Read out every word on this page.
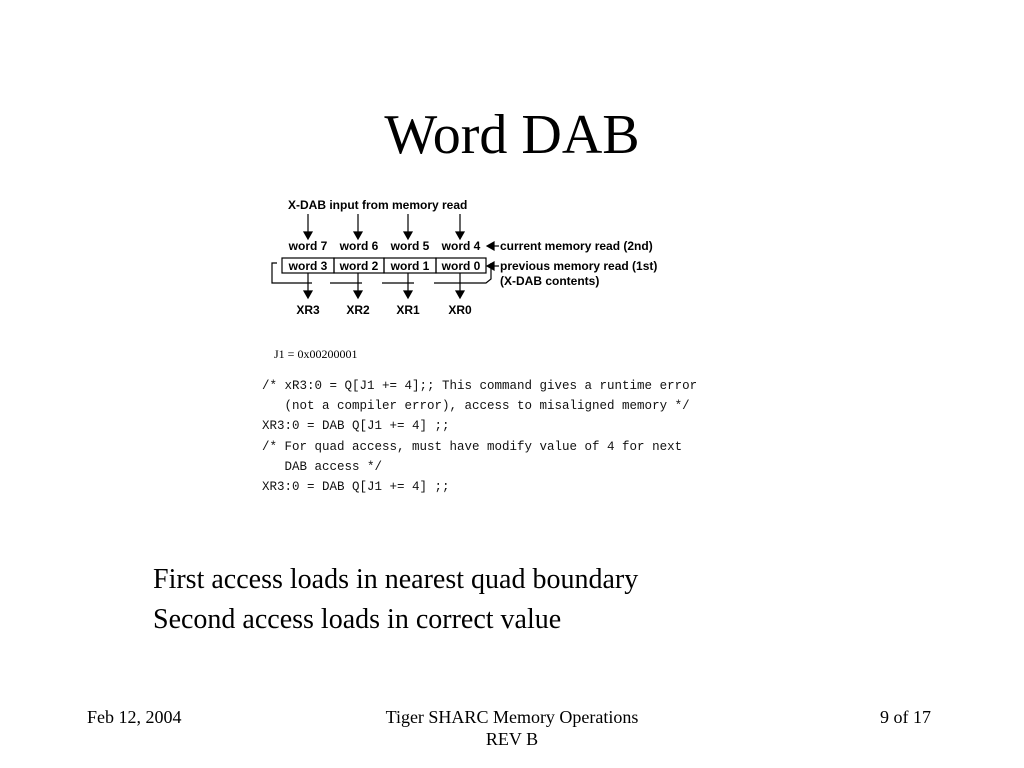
Word DAB
X-DAB input from memory read
word 7	word 6	word 5	word 4
word 3	word 2	word 1	word 0
current memory read (2nd)
previous memory read (1st)
(X-DAB contents)
XR3	XR2	XR1	XR0
J1 = 0x00200001
/* xR3:0 = Q[J1 += 4];; This command gives a runtime error
(not a compiler error), access to misaligned memory */
XR3:0 = DAB Q[J1 += 4] ;;
/* For quad access, must have modify value of 4 for next
DAB access */
XR3:0 = DAB Q[J1 += 4] ;;
First access loads in nearest quad boundary
Second access loads in correct value
Feb 12, 2004	Tiger SHARC Memory Operations
REV B
9 of 17
